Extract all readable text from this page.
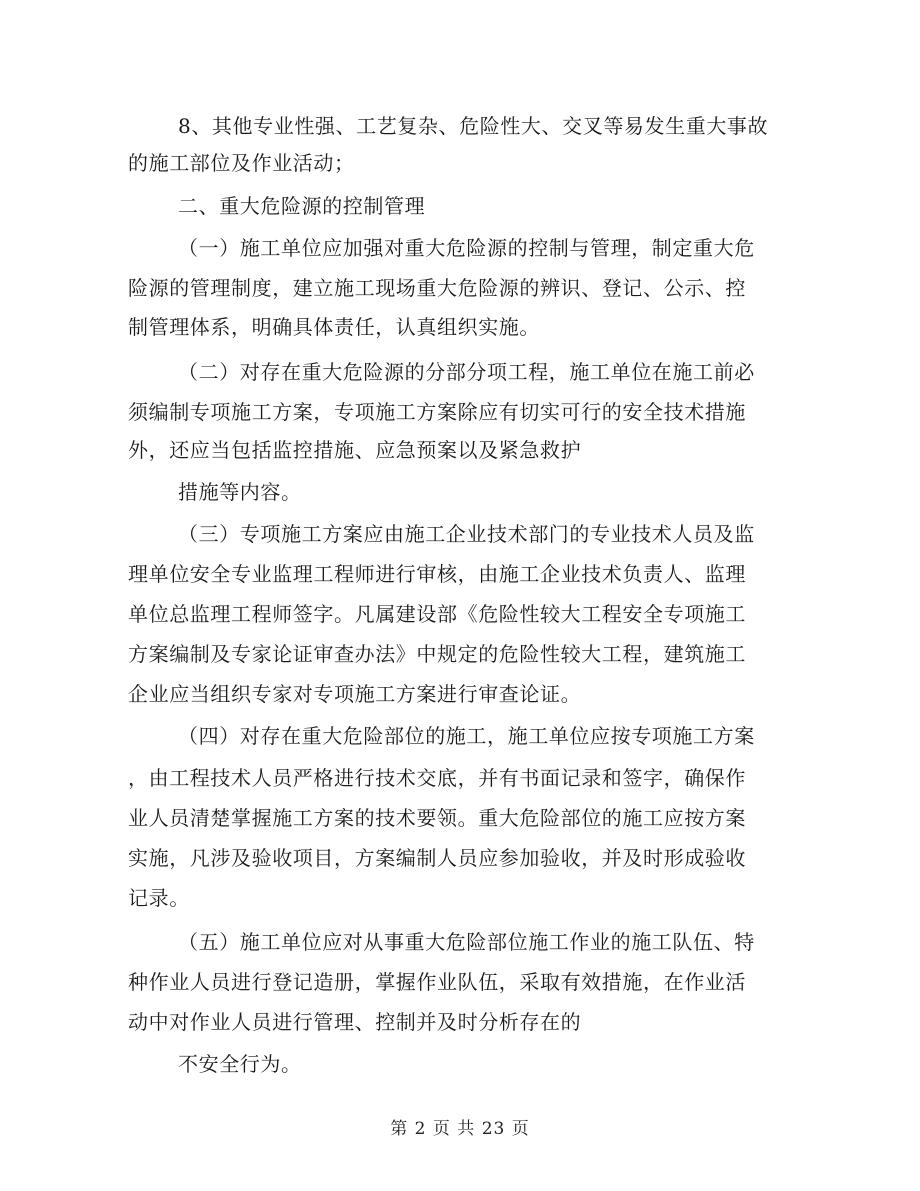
8、其他专业性强、工艺复杂、危险性大、交叉等易发生重大事故
的施工部位及作业活动；
二、重大危险源的控制管理
（一）施工单位应加强对重大危险源的控制与管理，制定重大危
险源的管理制度，建立施工现场重大危险源的辨识、登记、公示、控
制管理体系，明确具体责任，认真组织实施。
（二）对存在重大危险源的分部分项工程，施工单位在施工前必
须编制专项施工方案，专项施工方案除应有切实可行的安全技术措施
外，还应当包括监控措施、应急预案以及紧急救护
措施等内容。
（三）专项施工方案应由施工企业技术部门的专业技术人员及监
理单位安全专业监理工程师进行审核，由施工企业技术负责人、监理
单位总监理工程师签字。凡属建设部《危险性较大工程安全专项施工
方案编制及专家论证审查办法》中规定的危险性较大工程，建筑施工
企业应当组织专家对专项施工方案进行审查论证。
（四）对存在重大危险部位的施工，施工单位应按专项施工方案
，由工程技术人员严格进行技术交底，并有书面记录和签字，确保作
业人员清楚掌握施工方案的技术要领。重大危险部位的施工应按方案
实施，凡涉及验收项目，方案编制人员应参加验收，并及时形成验收
记录。
（五）施工单位应对从事重大危险部位施工作业的施工队伍、特
种作业人员进行登记造册，掌握作业队伍，采取有效措施，在作业活
动中对作业人员进行管理、控制并及时分析存在的
不安全行为。
第 2 页 共 23 页
